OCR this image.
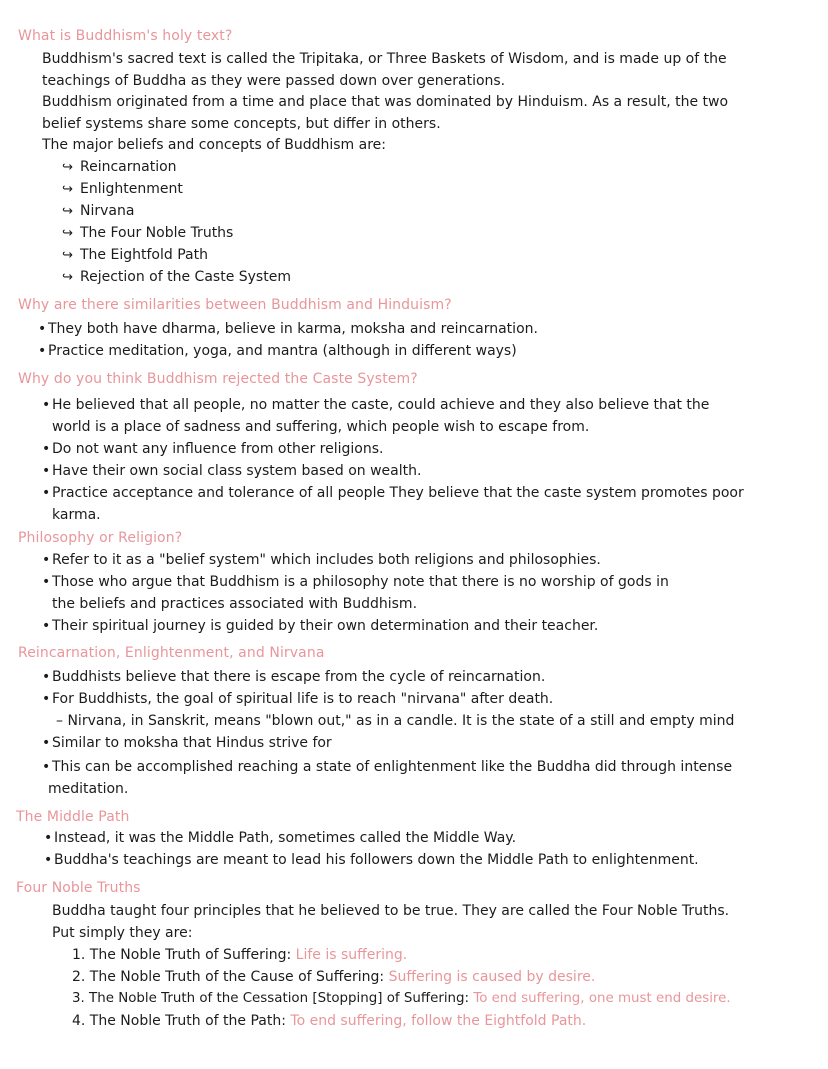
What is Buddhism's holy text?
Buddhism's sacred text is called the Tripitaka, or Three Baskets of Wisdom, and is made up of the
teachings of Buddha as they were passed down over generations.
Buddhism originated from a time and place that was dominated by Hinduism. As a result, the two
belief systems share some concepts, but differ in others.
The major beliefs and concepts of Buddhism are:
↪ Reincarnation
↪ Enlightenment
↪ Nirvana
↪ The Four Noble Truths
↪ The Eightfold Path
↪ Rejection of the Caste System
Why are there similarities between Buddhism and Hinduism?
• They both have dharma, believe in karma, moksha and reincarnation.
• Practice meditation, yoga, and mantra (although in different ways)
Why do you think Buddhism rejected the Caste System?
• He believed that all people, no matter the caste, could achieve and they also believe that the
world is a place of sadness and suffering, which people wish to escape from.
• Do not want any influence from other religions.
• Have their own social class system based on wealth.
• Practice acceptance and tolerance of all people They believe that the caste system promotes poor
karma.
Philosophy or Religion?
• Refer to it as a "belief system" which includes both religions and philosophies.
• Those who argue that Buddhism is a philosophy note that there is no worship of gods in
the beliefs and practices associated with Buddhism.
• Their spiritual journey is guided by their own determination and their teacher.
Reincarnation, Enlightenment, and Nirvana
• Buddhists believe that there is escape from the cycle of reincarnation.
• For Buddhists, the goal of spiritual life is to reach "nirvana" after death.
– Nirvana, in Sanskrit, means "blown out," as in a candle. It is the state of a still and empty mind
• Similar to moksha that Hindus strive for
• This can be accomplished reaching a state of enlightenment like the Buddha did through intense
meditation.
The Middle Path
• Instead, it was the Middle Path, sometimes called the Middle Way.
• Buddha's teachings are meant to lead his followers down the Middle Path to enlightenment.
Four Noble Truths
Buddha taught four principles that he believed to be true. They are called the Four Noble Truths.
Put simply they are:
1. The Noble Truth of Suffering: Life is suffering.
2. The Noble Truth of the Cause of Suffering: Suffering is caused by desire.
3. The Noble Truth of the Cessation [Stopping] of Suffering: To end suffering, one must end desire.
4. The Noble Truth of the Path: To end suffering, follow the Eightfold Path.
